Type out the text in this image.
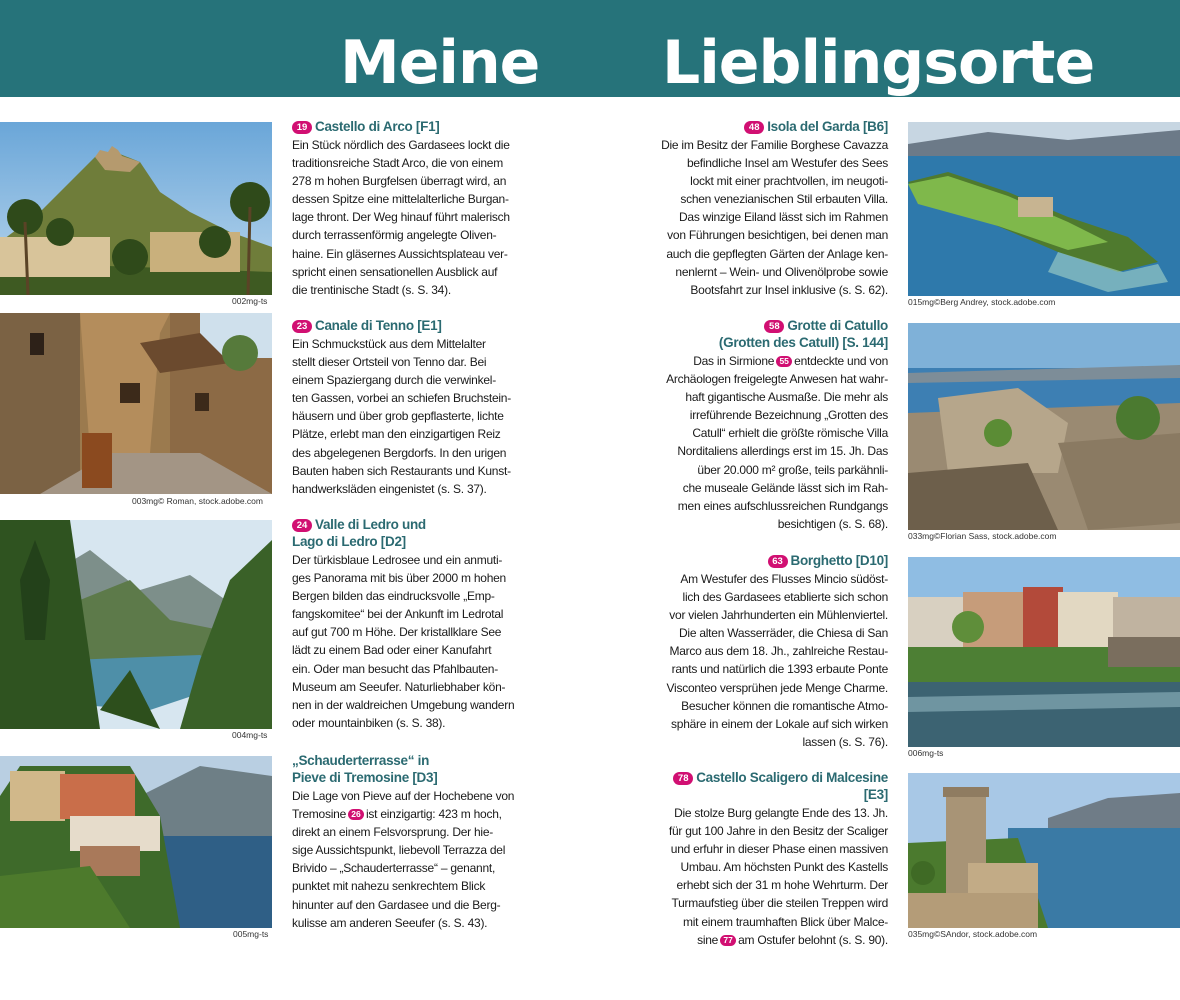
Meine Lieblingsorte
002mg-ts
003mg© Roman, stock.adobe.com
004mg-ts
005mg-ts
015mg©Berg Andrey, stock.adobe.com
033mg©Florian Sass, stock.adobe.com
006mg-ts
035mg©SAndor, stock.adobe.com
19 Castello di Arco [F1]
Ein Stück nördlich des Gardasees lockt die
traditionsreiche Stadt Arco, die von einem
278 m hohen Burgfelsen überragt wird, an
dessen Spitze eine mittelalterliche Burgan-
lage thront. Der Weg hinauf führt malerisch
durch terrassenförmig angelegte Oliven-
haine. Ein gläsernes Aussichtsplateau ver-
spricht einen sensationellen Ausblick auf
die trentinische Stadt (s. S. 34).
23 Canale di Tenno [E1]
Ein Schmuckstück aus dem Mittelalter
stellt dieser Ortsteil von Tenno dar. Bei
einem Spaziergang durch die verwinkel-
ten Gassen, vorbei an schiefen Bruchstein-
häusern und über grob gepflasterte, lichte
Plätze, erlebt man den einzigartigen Reiz
des abgelegenen Bergdorfs. In den urigen
Bauten haben sich Restaurants und Kunst-
handwerksläden eingenistet (s. S. 37).
24 Valle di Ledro und
Lago di Ledro [D2]
Der türkisblaue Ledrosee und ein anmuti-
ges Panorama mit bis über 2000 m hohen
Bergen bilden das eindrucksvolle „Emp-
fangskomitee“ bei der Ankunft im Ledrotal
auf gut 700 m Höhe. Der kristallklare See
lädt zu einem Bad oder einer Kanufahrt
ein. Oder man besucht das Pfahlbauten-
Museum am Seeufer. Naturliebhaber kön-
nen in der waldreichen Umgebung wandern
oder mountainbiken (s. S. 38).
„Schauderterrasse“ in
Pieve di Tremosine [D3]
Die Lage von Pieve auf der Hochebene von
Tremosine 26 ist einzigartig: 423 m hoch,
direkt an einem Felsvorsprung. Der hie-
sige Aussichtspunkt, liebevoll Terrazza del
Brivido – „Schauderterrasse“ – genannt,
punktet mit nahezu senkrechtem Blick
hinunter auf den Gardasee und die Berg-
kulisse am anderen Seeufer (s. S. 43).
48 Isola del Garda [B6]
Die im Besitz der Familie Borghese Cavazza
befindliche Insel am Westufer des Sees
lockt mit einer prachtvollen, im neugoti-
schen venezianischen Stil erbauten Villa.
Das winzige Eiland lässt sich im Rahmen
von Führungen besichtigen, bei denen man
auch die gepflegten Gärten der Anlage ken-
nenlernt – Wein- und Olivenölprobe sowie
Bootsfahrt zur Insel inklusive (s. S. 62).
58 Grotte di Catullo
(Grotten des Catull) [S. 144]
Das in Sirmione 55 entdeckte und von
Archäologen freigelegte Anwesen hat wahr-
haft gigantische Ausmaße. Die mehr als
irreführende Bezeichnung „Grotten des
Catull“ erhielt die größte römische Villa
Norditaliens allerdings erst im 15. Jh. Das
über 20.000 m² große, teils parkähnli-
che museale Gelände lässt sich im Rah-
men eines aufschlussreichen Rundgangs
besichtigen (s. S. 68).
63 Borghetto [D10]
Am Westufer des Flusses Mincio südöst-
lich des Gardasees etablierte sich schon
vor vielen Jahrhunderten ein Mühlenviertel.
Die alten Wasserräder, die Chiesa di San
Marco aus dem 18. Jh., zahlreiche Restau-
rants und natürlich die 1393 erbaute Ponte
Visconteo versprühen jede Menge Charme.
Besucher können die romantische Atmo-
sphäre in einem der Lokale auf sich wirken
lassen (s. S. 76).
78 Castello Scaligero di Malcesine [E3]
Die stolze Burg gelangte Ende des 13. Jh.
für gut 100 Jahre in den Besitz der Scaliger
und erfuhr in dieser Phase einen massiven
Umbau. Am höchsten Punkt des Kastells
erhebt sich der 31 m hohe Wehrturm. Der
Turmaufstieg über die steilen Treppen wird
mit einem traumhaften Blick über Malce-
sine 77 am Ostufer belohnt (s. S. 90).
